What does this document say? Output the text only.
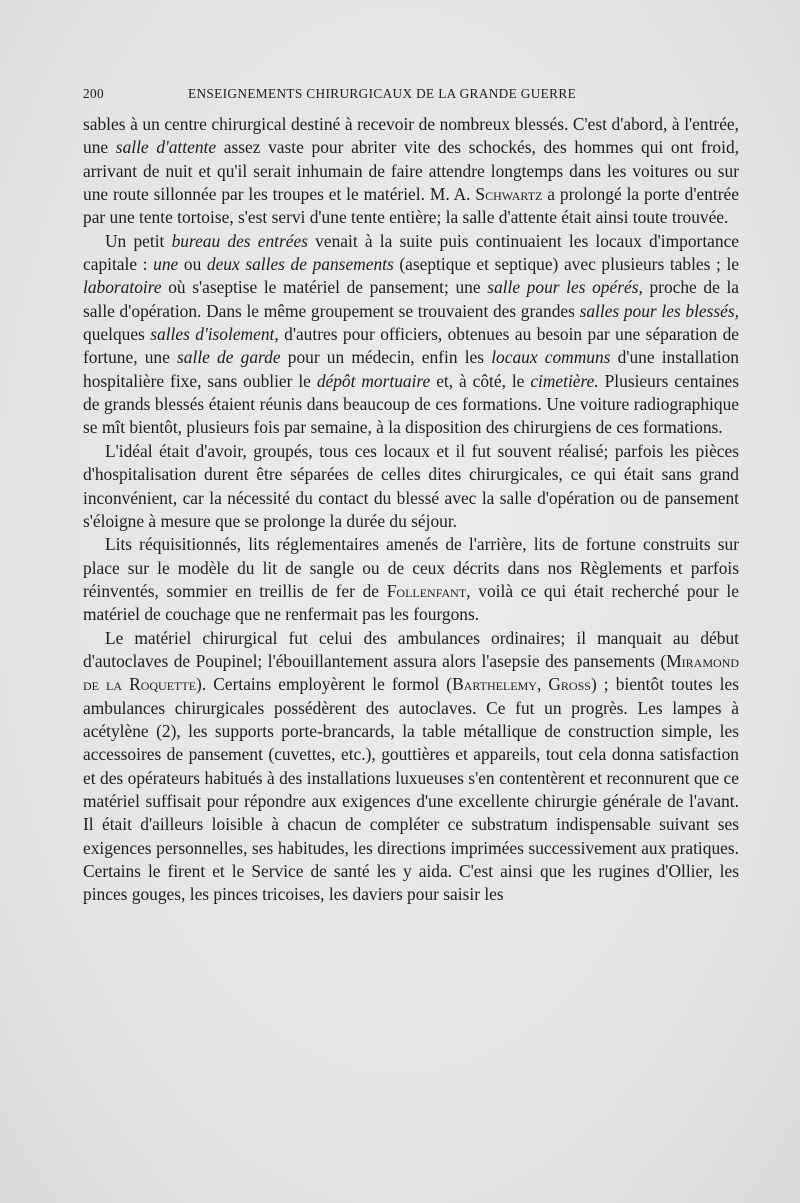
200	ENSEIGNEMENTS CHIRURGICAUX DE LA GRANDE GUERRE

sables à un centre chirurgical destiné à recevoir de nombreux blessés. C'est d'abord, à l'entrée, une salle d'attente assez vaste pour abriter vite des schockés, des hommes qui ont froid, arrivant de nuit et qu'il serait inhumain de faire attendre longtemps dans les voitures ou sur une route sillonnée par les troupes et le matériel. M. A. Schwartz a prolongé la porte d'entrée par une tente tortoise, s'est servi d'une tente entière; la salle d'attente était ainsi toute trouvée.

Un petit bureau des entrées venait à la suite puis continuaient les locaux d'importance capitale : une ou deux salles de pansements (aseptique et septique) avec plusieurs tables ; le laboratoire où s'aseptise le matériel de pansement; une salle pour les opérés, proche de la salle d'opération. Dans le même groupement se trouvaient des grandes salles pour les blessés, quelques salles d'isolement, d'autres pour officiers, obtenues au besoin par une séparation de fortune, une salle de garde pour un médecin, enfin les locaux communs d'une installation hospitalière fixe, sans oublier le dépôt mortuaire et, à côté, le cimetière. Plusieurs centaines de grands blessés étaient réunis dans beaucoup de ces formations. Une voiture radiographique se mît bientôt, plusieurs fois par semaine, à la disposition des chirurgiens de ces formations.

L'idéal était d'avoir, groupés, tous ces locaux et il fut souvent réalisé; parfois les pièces d'hospitalisation durent être séparées de celles dites chirurgicales, ce qui était sans grand inconvénient, car la nécessité du contact du blessé avec la salle d'opération ou de pansement s'éloigne à mesure que se prolonge la durée du séjour.

Lits réquisitionnés, lits réglementaires amenés de l'arrière, lits de fortune construits sur place sur le modèle du lit de sangle ou de ceux décrits dans nos Règlements et parfois réinventés, sommier en treillis de fer de Follenfant, voilà ce qui était recherché pour le matériel de couchage que ne renfermait pas les fourgons.

Le matériel chirurgical fut celui des ambulances ordinaires; il manquait au début d'autoclaves de Poupinel; l'ébouillantement assura alors l'asepsie des pansements (Miramond de la Roquette). Certains employèrent le formol (Barthelemy, Gross) ; bientôt toutes les ambulances chirurgicales possédèrent des autoclaves. Ce fut un progrès. Les lampes à acétylène (2), les supports porte-brancards, la table métallique de construction simple, les accessoires de pansement (cuvettes, etc.), gouttières et appareils, tout cela donna satisfaction et des opérateurs habitués à des installations luxueuses s'en contentèrent et reconnurent que ce matériel suffisait pour répondre aux exigences d'une excellente chirurgie générale de l'avant. Il était d'ailleurs loisible à chacun de compléter ce substratum indispensable suivant ses exigences personnelles, ses habitudes, les directions imprimées successivement aux pratiques. Certains le firent et le Service de santé les y aida. C'est ainsi que les rugines d'Ollier, les pinces gouges, les pinces tricoises, les daviers pour saisir les
